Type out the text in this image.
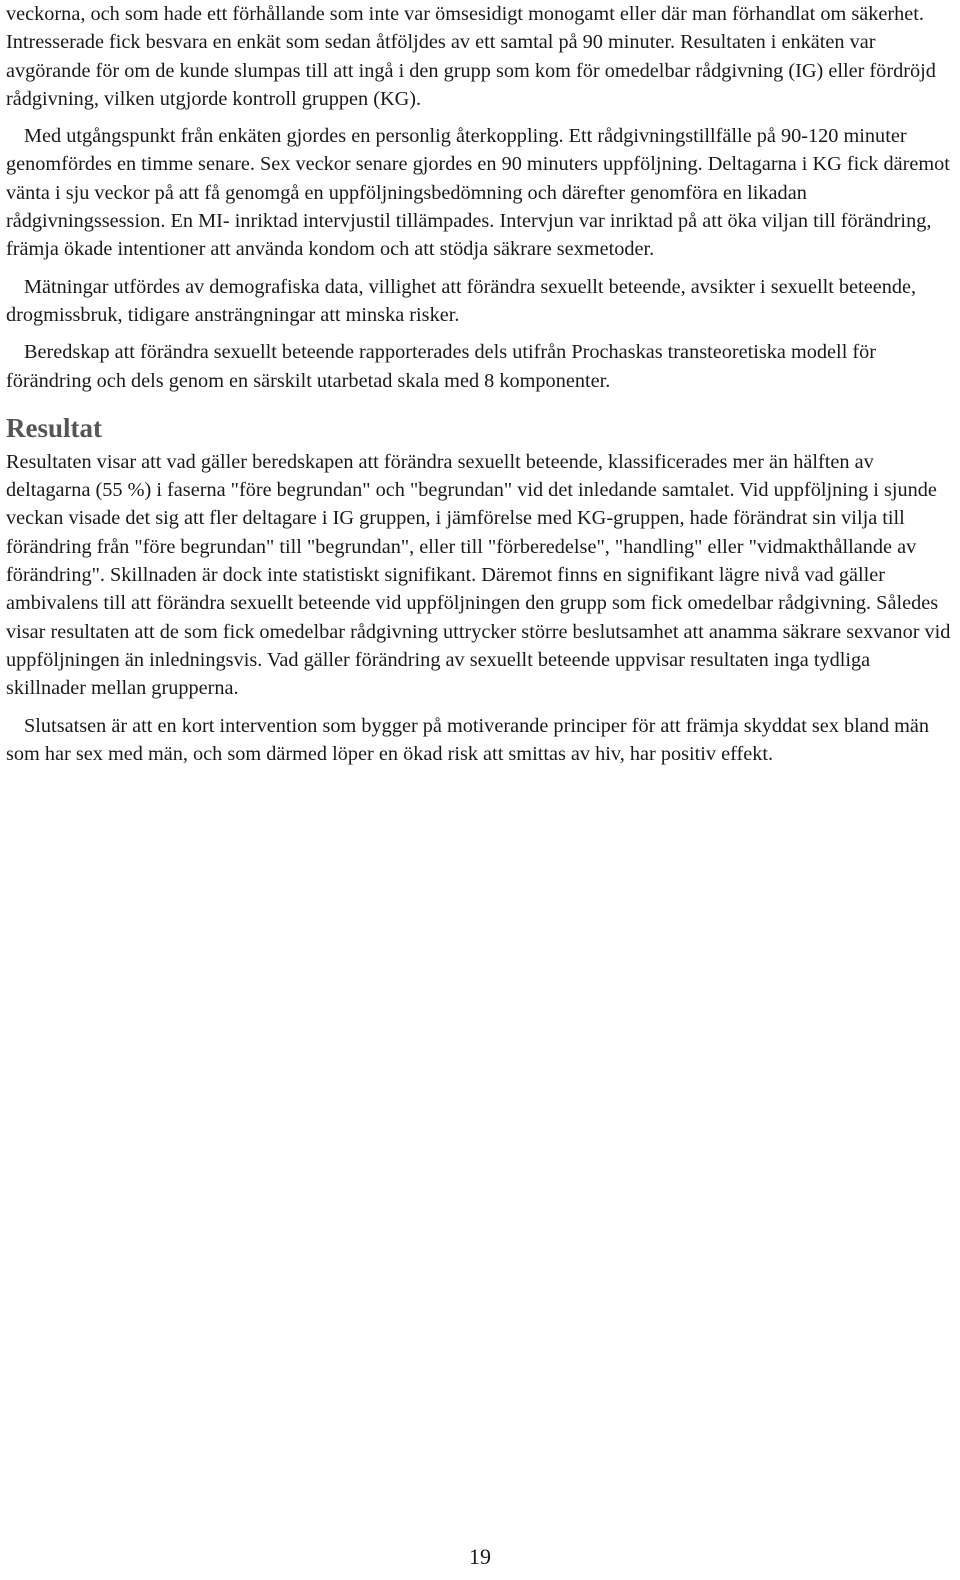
veckorna, och som hade ett förhållande som inte var ömsesidigt monogamt eller där man förhandlat om säkerhet. Intresserade fick besvara en enkät som sedan åtföljdes av ett samtal på 90 minuter. Resultaten i enkäten var avgörande för om de kunde slumpas till att ingå i den grupp som kom för omedelbar rådgivning (IG) eller fördröjd rådgivning, vilken utgjorde kontroll gruppen (KG).

Med utgångspunkt från enkäten gjordes en personlig återkoppling. Ett rådgivningstillfälle på 90-120 minuter genomfördes en timme senare. Sex veckor senare gjordes en 90 minuters uppföljning. Deltagarna i KG fick däremot vänta i sju veckor på att få genomgå en uppföljningsbedömning och därefter genomföra en likadan rådgivningssession. En MI- inriktad intervjustil tillämpades. Intervjun var inriktad på att öka viljan till förändring, främja ökade intentioner att använda kondom och att stödja säkrare sexmetoder.

Mätningar utfördes av demografiska data, villighet att förändra sexuellt beteende, avsikter i sexuellt beteende, drogmissbruk, tidigare ansträngningar att minska risker.

Beredskap att förändra sexuellt beteende rapporterades dels utifrån Prochaskas transteoretiska modell för förändring och dels genom en särskilt utarbetad skala med 8 komponenter.

Resultat

Resultaten visar att vad gäller beredskapen att förändra sexuellt beteende, klassificerades mer än hälften av deltagarna (55 %) i faserna "före begrundan" och "begrundan" vid det inledande samtalet. Vid uppföljning i sjunde veckan visade det sig att fler deltagare i IG gruppen, i jämförelse med KG-gruppen, hade förändrat sin vilja till förändring från "före begrundan" till "begrundan", eller till "förberedelse", "handling" eller "vidmakthållande av förändring". Skillnaden är dock inte statistiskt signifikant. Däremot finns en signifikant lägre nivå vad gäller ambivalens till att förändra sexuellt beteende vid uppföljningen den grupp som fick omedelbar rådgivning. Således visar resultaten att de som fick omedelbar rådgivning uttrycker större beslutsamhet att anamma säkrare sexvanor vid uppföljningen än inledningsvis. Vad gäller förändring av sexuellt beteende uppvisar resultaten inga tydliga skillnader mellan grupperna.

Slutsatsen är att en kort intervention som bygger på motiverande principer för att främja skyddat sex bland män som har sex med män, och som därmed löper en ökad risk att smittas av hiv, har positiv effekt.

19
